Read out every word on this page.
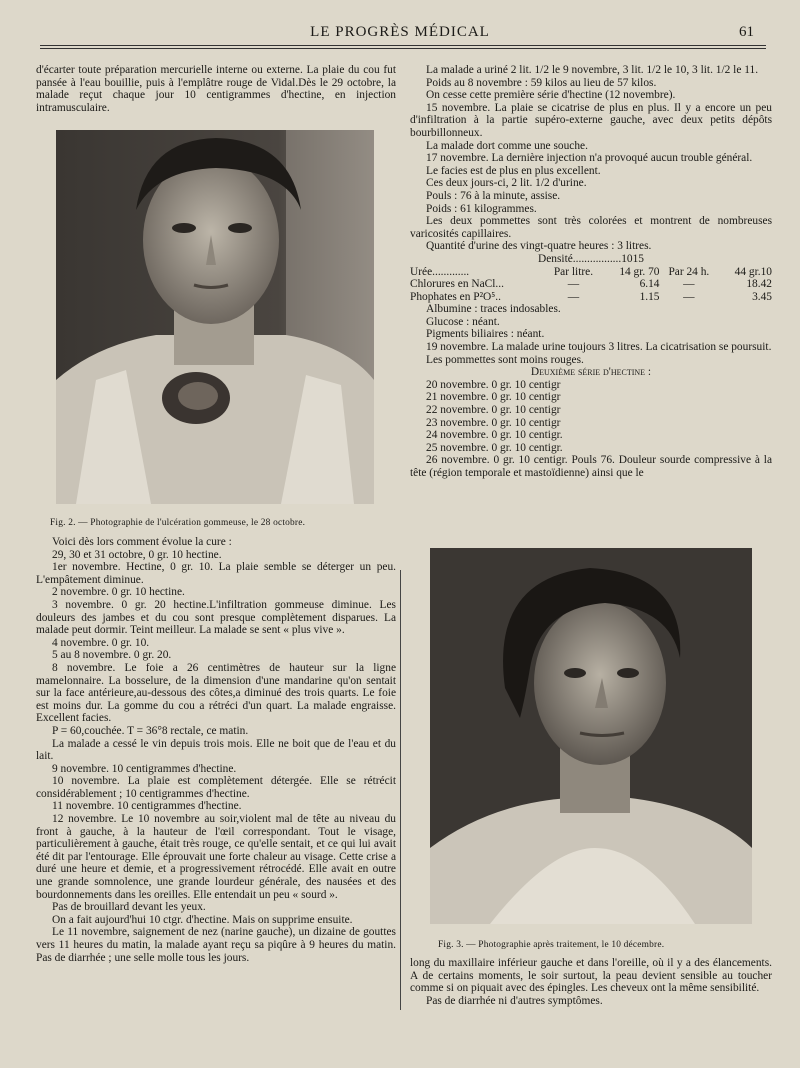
LE PROGRÈS MÉDICAL	61

d'écarter toute préparation mercurielle interne ou externe. La plaie du cou fut pansée à l'eau bouillie, puis à l'emplâtre rouge de Vidal.Dès le 29 octobre, la malade reçut chaque jour 10 centigrammes d'hectine, en injection intramusculaire.

Fig. 2. — Photographie de l'ulcération gommeuse, le 28 octobre.

Voici dès lors comment évolue la cure :

29, 30 et 31 octobre, 0 gr. 10 hectine.

1er novembre. Hectine, 0 gr. 10. La plaie semble se déterger un peu. L'empâtement diminue.

2 novembre. 0 gr. 10 hectine.

3 novembre. 0 gr. 20 hectine.L'infiltration gommeuse diminue. Les douleurs des jambes et du cou sont presque complètement disparues. La malade peut dormir. Teint meilleur. La malade se sent « plus vive ».

4 novembre. 0 gr. 10.

5 au 8 novembre. 0 gr. 20.

8 novembre. Le foie a 26 centimètres de hauteur sur la ligne mamelonnaire. La bosselure, de la dimension d'une mandarine qu'on sentait sur la face antérieure,au-dessous des côtes,a diminué des trois quarts. Le foie est moins dur. La gomme du cou a rétréci d'un quart. La malade engraisse. Excellent facies.

P = 60,couchée. T = 36°8 rectale, ce matin.

La malade a cessé le vin depuis trois mois. Elle ne boit que de l'eau et du lait.

9 novembre. 10 centigrammes d'hectine.

10 novembre. La plaie est complètement détergée. Elle se rétrécit considérablement ; 10 centigrammes d'hectine.

11 novembre. 10 centigrammes d'hectine.

12 novembre. Le 10 novembre au soir,violent mal de tête au niveau du front à gauche, à la hauteur de l'œil correspondant. Tout le visage, particulièrement à gauche, était très rouge, ce qu'elle sentait, et ce qui lui avait été dit par l'entourage. Elle éprouvait une forte chaleur au visage. Cette crise a duré une heure et demie, et a progressivement rétrocédé. Elle avait en outre une grande somnolence, une grande lourdeur générale, des nausées et des bourdonnements dans les oreilles. Elle entendait un peu « sourd ».

Pas de brouillard devant les yeux.

On a fait aujourd'hui 10 ctgr. d'hectine. Mais on supprime ensuite.

Le 11 novembre, saignement de nez (narine gauche), un dizaine de gouttes vers 11 heures du matin, la malade ayant reçu sa piqûre à 9 heures du matin. Pas de diarrhée ; une selle molle tous les jours.

La malade a uriné 2 lit. 1/2 le 9 novembre, 3 lit. 1/2 le 10, 3 lit. 1/2 le 11.

Poids au 8 novembre : 59 kilos au lieu de 57 kilos.

On cesse cette première série d'hectine (12 novembre).

15 novembre. La plaie se cicatrise de plus en plus. Il y a encore un peu d'infiltration à la partie supéro-externe gauche, avec deux petits dépôts bourbillonneux.

La malade dort comme une souche.

17 novembre. La dernière injection n'a provoqué aucun trouble général.

Le facies est de plus en plus excellent.

Ces deux jours-ci, 2 lit. 1/2 d'urine.

Pouls : 76 à la minute, assise.

Poids : 61 kilogrammes.

Les deux pommettes sont très colorées et montrent de nombreuses varicosités capillaires.

Quantité d'urine des vingt-quatre heures : 3 litres.

Densité.................1015

Urée.............	Par litre.	14 gr. 70	Par 24 h.	44 gr.10
Chlorures en NaCl...	—	6.14	—	18.42
Phophates en P²O⁵..	—	1.15	—	3.45

Albumine : traces indosables.

Glucose : néant.

Pigments biliaires : néant.

19 novembre. La malade urine toujours 3 litres. La cicatrisation se poursuit.

Les pommettes sont moins rouges.

Deuxième série d'hectine :

20 novembre. 0 gr. 10 centigr

21 novembre. 0 gr. 10 centigr

22 novembre. 0 gr. 10 centigr

23 novembre. 0 gr. 10 centigr

24 novembre. 0 gr. 10 centigr.

25 novembre. 0 gr. 10 centigr.

26 novembre. 0 gr. 10 centigr. Pouls 76. Douleur sourde compressive à la tête (région temporale et mastoïdienne) ainsi que le

Fig. 3. — Photographie après traitement, le 10 décembre.

long du maxillaire inférieur gauche et dans l'oreille, où il y a des élancements. A de certains moments, le soir surtout, la peau devient sensible au toucher comme si on piquait avec des épingles. Les cheveux ont la même sensibilité.

Pas de diarrhée ni d'autres symptômes.
